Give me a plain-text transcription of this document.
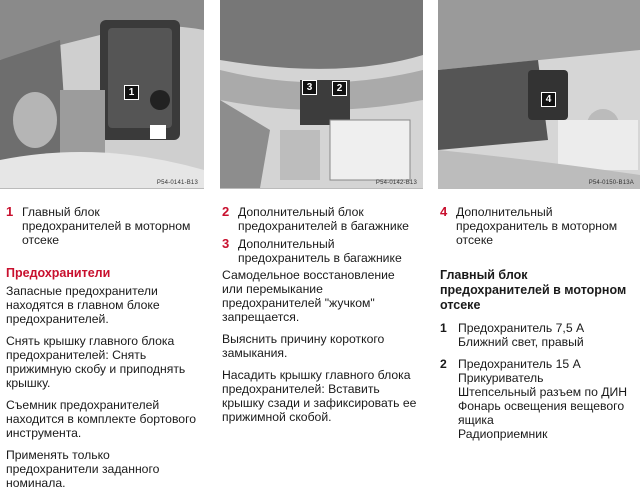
1
P54-0141-B13
3	2
P54-0142-B13
4
P54-0150-B13A
1 Главный блок предохранителей в моторном отсеке
2 Дополнительный блок предохранителей в багажнике
3 Дополнительный предохранитель в багажнике
4 Дополнительный предохранитель в моторном отсеке
Предохранители

Запасные предохранители находятся в главном блоке предохранителей.

Снять крышку главного блока предохранителей: Снять прижимную скобу и приподнять крышку.

Съемник предохранителей находится в комплекте бортового инструмента.

Применять только предохранители заданного номинала.

Самодельное восстановление или перемыкание предохранителей "жучком" запрещается.

Выяснить причину короткого замыкания.

Насадить крышку главного блока предохранителей: Вставить крышку сзади и зафиксировать ее прижимной скобой.

Главный блок предохранителей в моторном отсеке
1 Предохранитель 7,5 А
Ближний свет, правый
2 Предохранитель 15 А
Прикуриватель
Штепсельный разъем по ДИН
Фонарь освещения вещевого ящика
Радиоприемник
